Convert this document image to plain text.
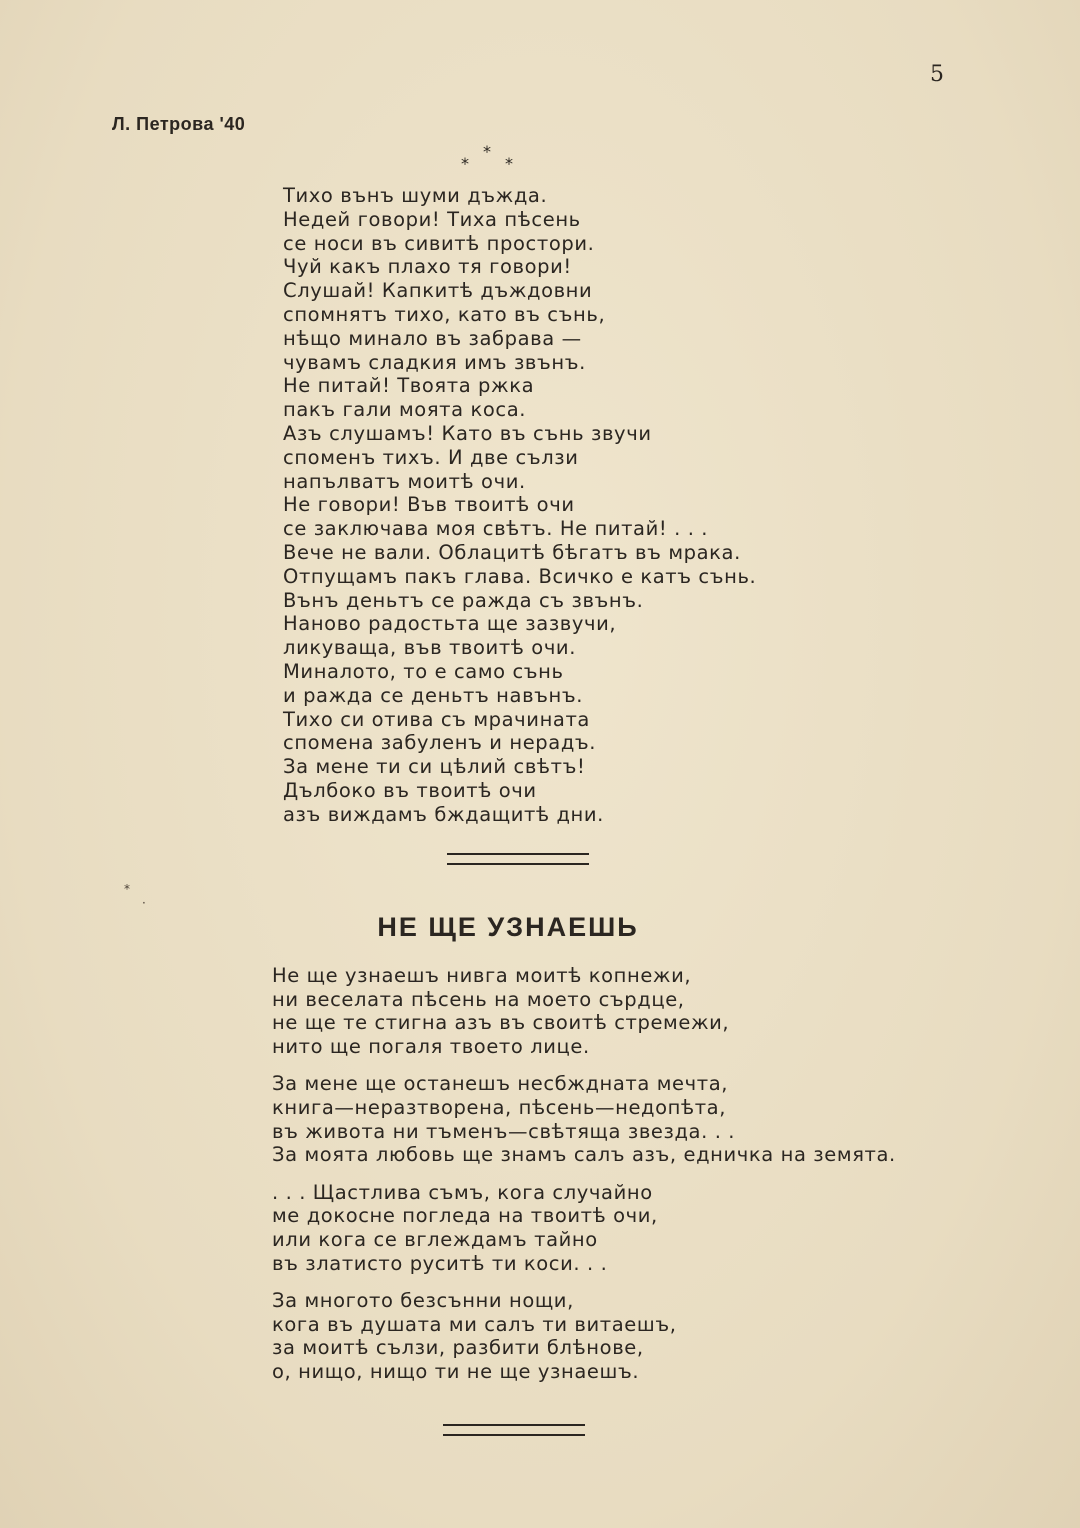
5
Л. Петрова '40
*
*
*
Тихо вънъ шуми дъжда.
Недей говори! Тиха пѣсень
се носи въ сивитѣ простори.
Чуй какъ плахо тя говори!
Слушай! Капкитѣ дъждовни
спомнятъ тихо, като въ сънь,
нѣщо минало въ забрава —
чувамъ сладкия имъ звънъ.
Не питай! Твоята ржка
пакъ гали моята коса.
Азъ слушамъ! Като въ сънь звучи
споменъ тихъ. И две сълзи
напълватъ моитѣ очи.
Не говори! Във твоитѣ очи
се заключава моя свѣтъ. Не питай! . . .
Вече не вали. Облацитѣ бѣгатъ въ мрака.
Отпущамъ пакъ глава. Всичко е катъ сънь.
Вънъ деньтъ се ражда съ звънъ.
Наново радостьта ще зазвучи,
ликуваща, във твоитѣ очи.
Миналото, то е само сънь
и ражда се деньтъ навънъ.
Тихо си отива съ мрачината
спомена забуленъ и нерадъ.
За мене ти си цѣлий свѣтъ!
Дълбоко въ твоитѣ очи
азъ виждамъ бждащитѣ дни.
*
·
НЕ ЩЕ УЗНАЕШЬ
Не ще узнаешъ нивга моитѣ копнежи,
ни веселата пѣсень на моето сърдце,
не ще те стигна азъ въ своитѣ стремежи,
нито ще погаля твоето лице.
За мене ще останешъ несбждната мечта,
книга—неразтворена, пѣсень—недопѣта,
въ живота ни тъменъ—свѣтяща звезда. . .
За моята любовь ще знамъ салъ азъ, едничка на земята.
. . . Щастлива съмъ, кога случайно
ме докосне погледа на твоитѣ очи,
или кога се вглеждамъ тайно
въ златисто руситѣ ти коси. . .
За многото безсънни нощи,
кога въ душата ми салъ ти витаешъ,
за моитѣ сълзи, разбити блѣнове,
о, нищо, нищо ти не ще узнаешъ.
